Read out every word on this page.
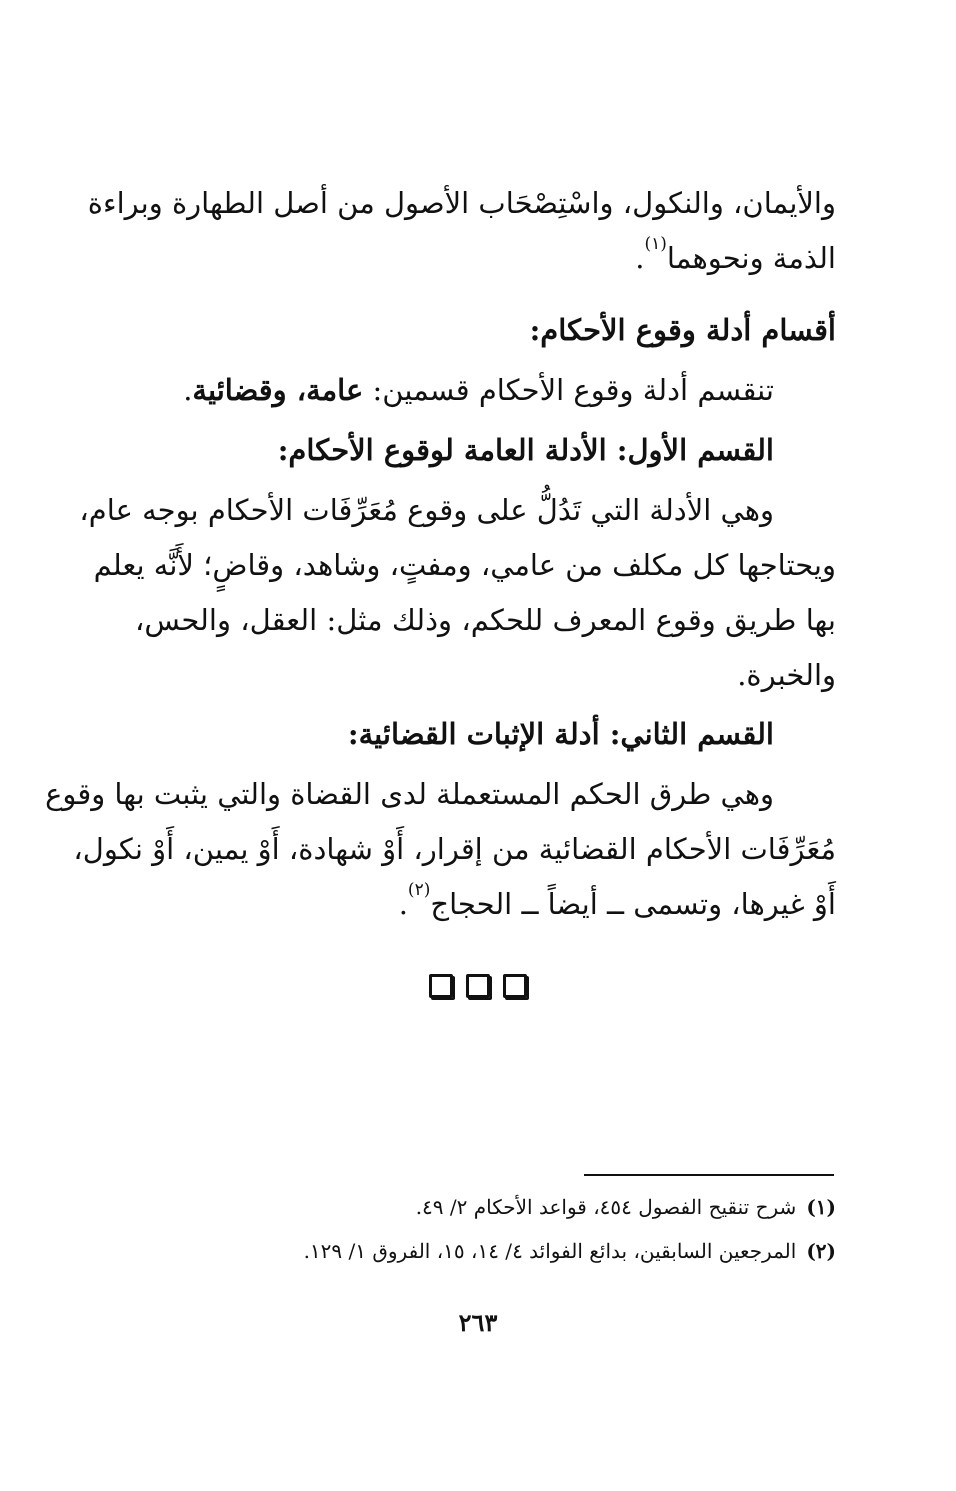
والأيمان، والنكول، واسْتِصْحَاب الأصول من أصل الطهارة وبراءة
الذمة ونحوهما$^{(١)}$.
أقسام أدلة وقوع الأحكام:
تنقسم أدلة وقوع الأحكام قسمين: عامة، وقضائية.
القسم الأول: الأدلة العامة لوقوع الأحكام:
وهي الأدلة التي تَدُلُّ على وقوع مُعَرِّفَات الأحكام بوجه عام،
ويحتاجها كل مكلف من عامي، ومفتٍ، وشاهد، وقاضٍ؛ لأَنَّه يعلم
بها طريق وقوع المعرف للحكم، وذلك مثل: العقل، والحس،
والخبرة.
القسم الثاني: أدلة الإثبات القضائية:
وهي طرق الحكم المستعملة لدى القضاة والتي يثبت بها وقوع
مُعَرِّفَات الأحكام القضائية من إقرار، أَوْ شهادة، أَوْ يمين، أَوْ نكول،
أَوْ غيرها، وتسمى ــ أيضاً ــ الحجاج$^{(٢)}$.

(١)شرح تنقيح الفصول ٤٥٤، قواعد الأحكام ٢/ ٤٩.
(٢)المرجعين السابقين، بدائع الفوائد ٤/ ١٤، ١٥، الفروق ١/ ١٢٩.
٢٦٣
